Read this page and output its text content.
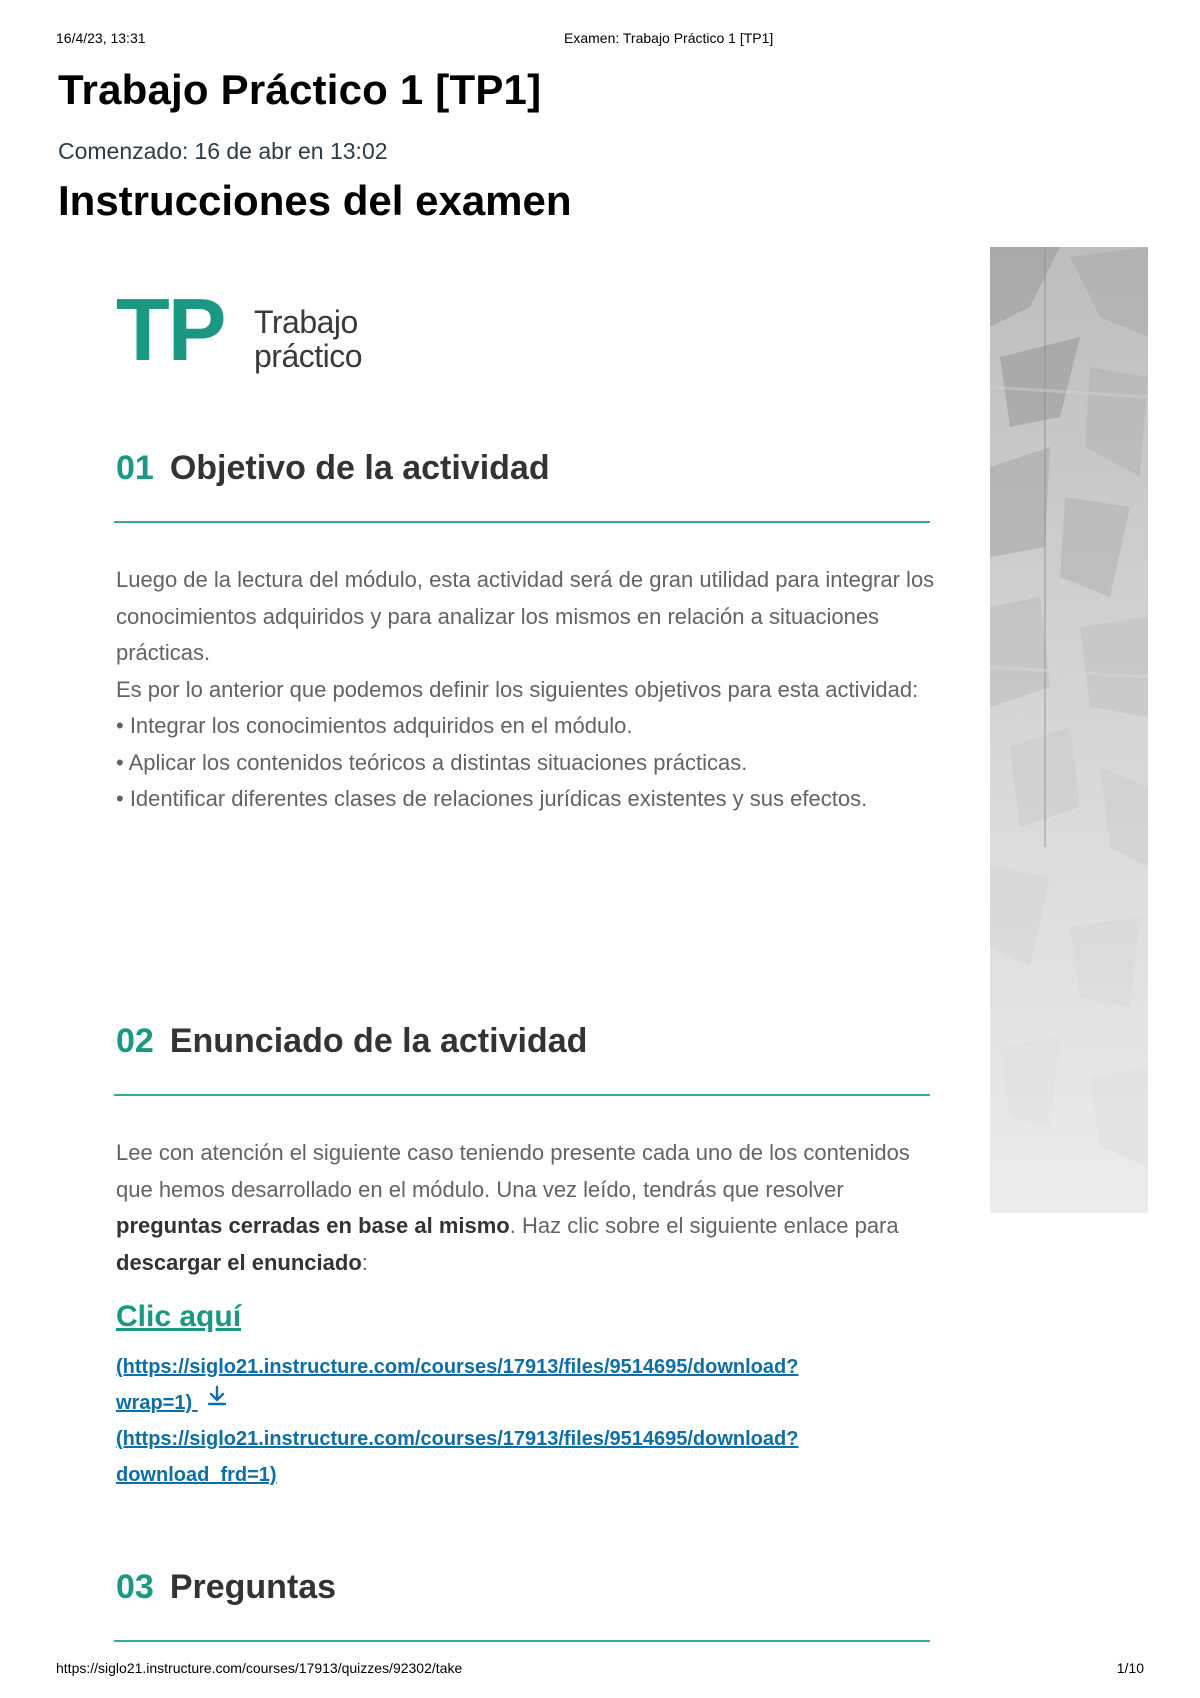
16/4/23, 13:31	Examen: Trabajo Práctico 1 [TP1]
Trabajo Práctico 1 [TP1]
Comenzado: 16 de abr en 13:02
Instrucciones del examen
TP Trabajo
práctico
01 Objetivo de la actividad

Luego de la lectura del módulo, esta actividad será de gran utilidad para integrar los conocimientos adquiridos y para analizar los mismos en relación a situaciones prácticas.

Es por lo anterior que podemos definir los siguientes objetivos para esta actividad:

• Integrar los conocimientos adquiridos en el módulo.

• Aplicar los contenidos teóricos a distintas situaciones prácticas.

• Identificar diferentes clases de relaciones jurídicas existentes y sus efectos.

02 Enunciado de la actividad

Lee con atención el siguiente caso teniendo presente cada uno de los contenidos que hemos desarrollado en el módulo. Una vez leído, tendrás que resolver preguntas cerradas en base al mismo. Haz clic sobre el siguiente enlace para descargar el enunciado:

Clic aquí
(https://siglo21.instructure.com/courses/17913/files/9514695/download?
wrap=1)
(https://siglo21.instructure.com/courses/17913/files/9514695/download?
download_frd=1)
03 Preguntas
https://siglo21.instructure.com/courses/17913/quizzes/92302/take	1/10
